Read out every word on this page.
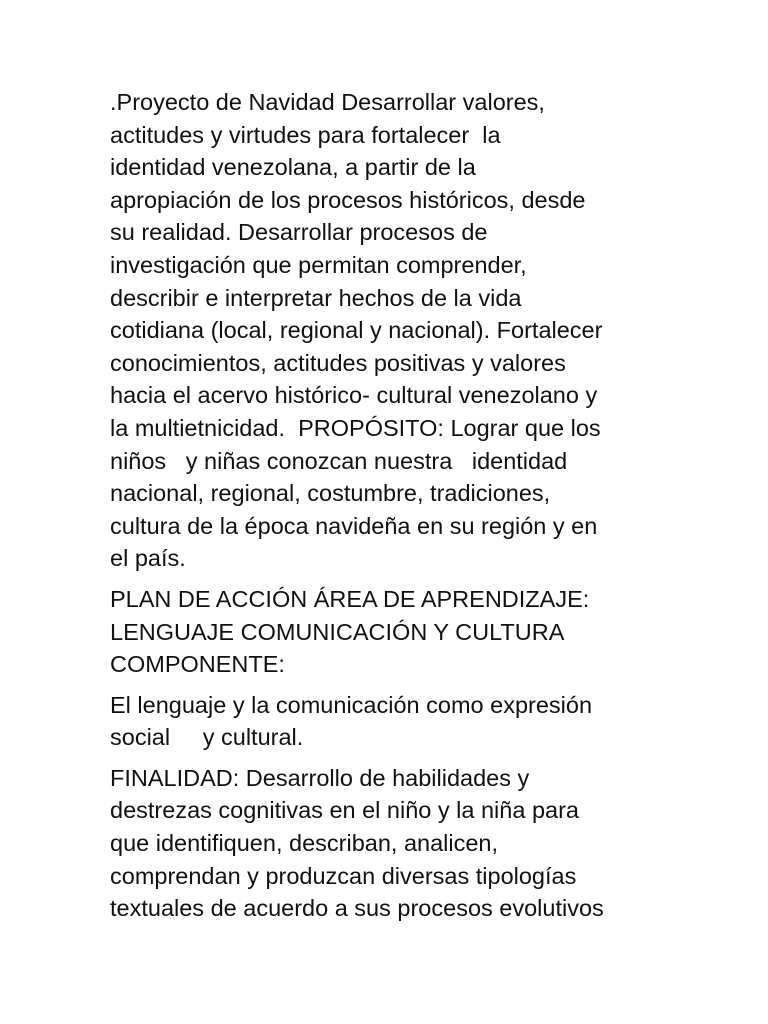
.Proyecto de Navidad Desarrollar valores,
actitudes y virtudes para fortalecer  la
identidad venezolana, a partir de la
apropiación de los procesos históricos, desde
su realidad. Desarrollar procesos de
investigación que permitan comprender,
describir e interpretar hechos de la vida
cotidiana (local, regional y nacional). Fortalecer
conocimientos, actitudes positivas y valores
hacia el acervo histórico- cultural venezolano y
la multietnicidad.  PROPÓSITO: Lograr que los
niños   y niñas conozcan nuestra   identidad
nacional, regional, costumbre, tradiciones,
cultura de la época navideña en su región y en
el país.
PLAN DE ACCIÓN ÁREA DE APRENDIZAJE:
LENGUAJE COMUNICACIÓN Y CULTURA
COMPONENTE:
El lenguaje y la comunicación como expresión
social     y cultural.
FINALIDAD: Desarrollo de habilidades y
destrezas cognitivas en el niño y la niña para
que identifiquen, describan, analicen,
comprendan y produzcan diversas tipologías
textuales de acuerdo a sus procesos evolutivos
